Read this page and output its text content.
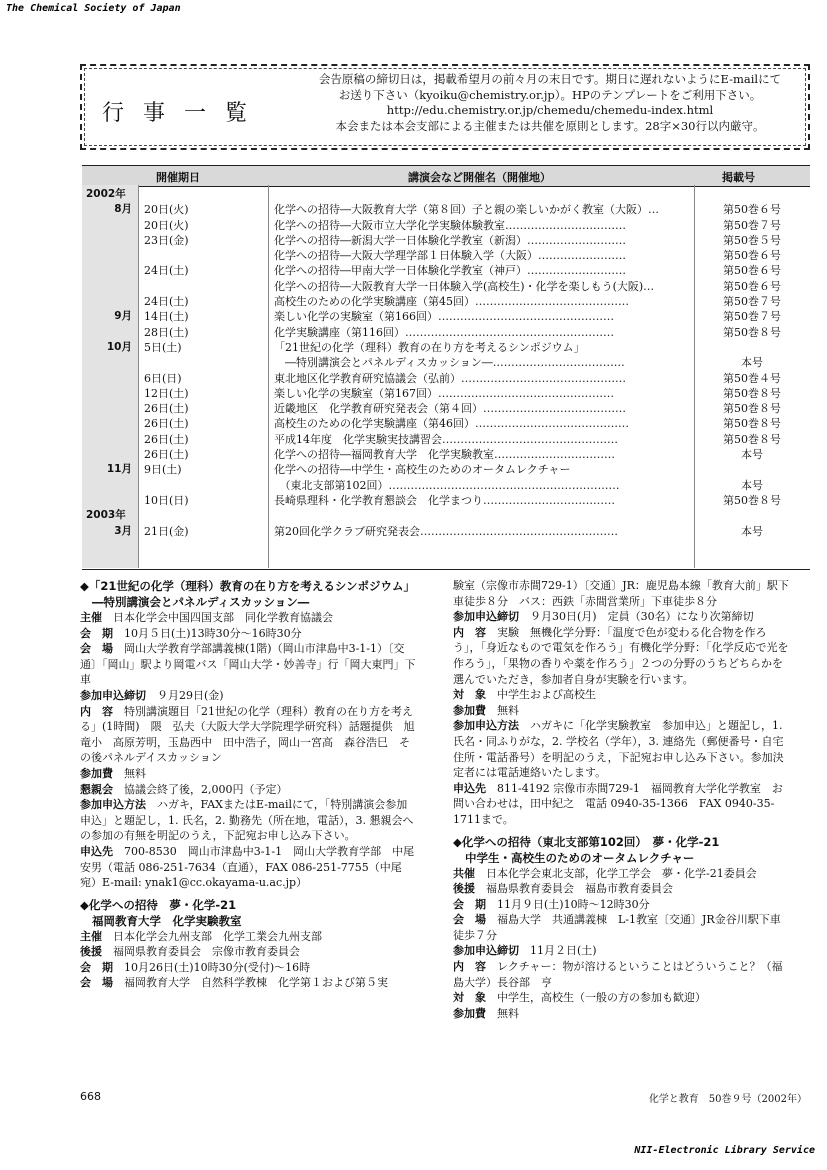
The Chemical Society of Japan
行事一覧
会告原稿の締切日は，掲載希望月の前々月の末日です。期日に遅れないようにE-mailにて
お送り下さい（kyoiku@chemistry.or.jp）。HPのテンプレートをご利用下さい。
http://edu.chemistry.or.jp/chemedu/chemedu-index.html
本会または本会支部による主催または共催を原則とします。28字×30行以内厳守。
開催期日	講演会など開催名（開催地）	掲載号
2002年
8月 20日(火)	化学への招待―大阪教育大学（第８回）子と親の楽しいかがく教室（大阪）…	第50巻６号
20日(火)	化学への招待―大阪市立大学化学実験体験教室……………………………	第50巻７号
23日(金)	化学への招待―新潟大学一日体験化学教室（新潟）………………………	第50巻５号
化学への招待―大阪大学理学部１日体験入学（大阪）……………………	第50巻６号
24日(土)	化学への招待―甲南大学一日体験化学教室（神戸）………………………	第50巻６号
化学への招待―大阪教育大学一日体験入学(高校生)・化学を楽しもう(大阪)…	第50巻６号
24日(土)	高校生のための化学実験講座（第45回）……………………………………	第50巻７号
9月 14日(土)	楽しい化学の実験室（第166回）…………………………………………	第50巻７号
28日(土)	化学実験講座（第116回）…………………………………………………	第50巻８号
10月 5日(土)	「21世紀の化学（理科）教育の在り方を考えるシンポジウム」
　―特別講演会とパネルディスカッション―………………………………	本号
6日(日)	東北地区化学教育研究協議会（弘前）………………………………………	第50巻４号
12日(土)	楽しい化学の実験室（第167回）…………………………………………	第50巻８号
26日(土)	近畿地区　化学教育研究発表会（第４回）…………………………………	第50巻８号
26日(土)	高校生のための化学実験講座（第46回）……………………………………	第50巻８号
26日(土)	平成14年度　化学実験実技講習会…………………………………………	第50巻８号
26日(土)	化学への招待―福岡教育大学　化学実験教室……………………………	本号
11月 9日(土)	化学への招待―中学生・高校生のためのオータムレクチャー
　（東北支部第102回）………………………………………………………	本号
10日(日)	長崎県理科・化学教育懇談会　化学まつり………………………………	第50巻８号
2003年
3月 21日(金)	第20回化学クラブ研究発表会………………………………………………	本号
◆「21世紀の化学（理科）教育の在り方を考えるシンポジウム」
―特別講演会とパネルディスカッション―
主催　 日本化学会中国四国支部　同化学教育協議会
会　期　 10月５日(土)13時30分～16時30分
会　場　 岡山大学教育学部講義棟(1階)（岡山市津島中3-1-1）〔交通〕「岡山」駅より岡電バス「岡山大学・妙善寺」行「岡大東門」下車
参加申込締切　 ９月29日(金)
内　容　 特別講演題目「21世紀の化学（理科）教育の在り方を考える」(1時間)　隈　弘夫（大阪大学大学院理学研究科）話題提供　旭竜小　高原芳明，玉島西中　田中浩子，岡山一宮高　森谷浩巳　その後パネルデイスカッション
参加費　 無料
懇親会　 協議会終了後，2,000円（予定）
参加申込方法　 ハガキ，FAXまたはE-mailにて，「特別講演会参加申込」と題記し，1. 氏名，2. 勤務先（所在地，電話），3. 懇親会への参加の有無を明記のうえ，下記宛お申し込み下さい。
申込先　 700-8530　岡山市津島中3-1-1　岡山大学教育学部　中尾安男（電話 086-251-7634（直通），FAX 086-251-7755（中尾宛）E-mail: ynak1@cc.okayama-u.ac.jp）
◆化学への招待　夢・化学-21
福岡教育大学　化学実験教室
主催　 日本化学会九州支部　化学工業会九州支部
後援　 福岡県教育委員会　宗像市教育委員会
会　期　 10月26日(土)10時30分(受付)～16時
会　場　 福岡教育大学　自然科学教棟　化学第１および第５実
験室（宗像市赤間729-1）〔交通〕JR：鹿児島本線「教育大前」駅下車徒歩８分　バス：西鉄「赤間営業所」下車徒歩８分
参加申込締切　 ９月30日(月)　定員（30名）になり次第締切
内　容　 実験　無機化学分野：「温度で色が変わる化合物を作ろう」，「身近なもので電気を作ろう」有機化学分野：「化学反応で光を作ろう」，「果物の香りや薬を作ろう」２つの分野のうちどちらかを選んでいただき，参加者自身が実験を行います。
対　象　 中学生および高校生
参加費　 無料
参加申込方法　 ハガキに「化学実験教室　参加申込」と題記し，1. 氏名・同ふりがな，2. 学校名（学年），3. 連絡先（郵便番号・自宅住所・電話番号）を明記のうえ，下記宛お申し込み下さい。参加決定者には電話連絡いたします。
申込先　 811-4192 宗像市赤間729-1　福岡教育大学化学教室　お問い合わせは，田中紀之　電話 0940-35-1366　FAX 0940-35-1711まで。
◆化学への招待（東北支部第102回）　夢・化学-21
中学生・高校生のためのオータムレクチャー
共催　 日本化学会東北支部，化学工学会　夢・化学-21委員会
後援　 福島県教育委員会　福島市教育委員会
会　期　 11月９日(土)10時～12時30分
会　場　 福島大学　共通講義棟　L-1教室〔交通〕JR金谷川駅下車徒歩７分
参加申込締切　 11月２日(土)
内　容　 レクチャー：物が溶けるということはどういうこと？（福島大学）長谷部　亨
対　象　 中学生，高校生（一般の方の参加も歓迎）
参加費　 無料
668	化学と教育　50巻９号（2002年）
NII-Electronic Library Service
